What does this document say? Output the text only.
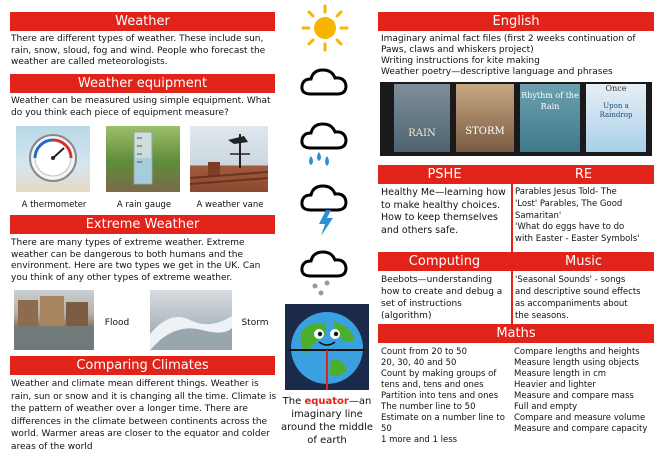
Weather
There are different types of weather. These include sun, rain, snow, sloud, fog and wind. People who forecast the weather are called meteorologists.
Weather equipment
Weather can be measured using simple equipment. What do you think each piece of equipment measure?
A thermometer	A rain gauge	A weather vane
Extreme Weather
There are many types of extreme weather. Extreme weather can be dangerous to both humans and the environment. Here are two types we get in the UK. Can you think of any other types of extreme weather.
Flood	Storm
Comparing Climates
Weather and climate mean different things. Weather is rain, sun or snow and it is changing all the time. Climate is the pattern of weather over a longer time. There are differences in the climate between continents across the world. Warmer areas are closer to the equator and colder areas of the world
The equator—an
imaginary line
around the middle
of earth
English
Imaginary animal fact files (first 2 weeks continuation of
Paws, claws and whiskers project)
Writing instructions for kite making
Weather poetry—descriptive language and phrases
RAIN	STORM
Rhythm of the Rain
Once
Upon a Raindrop
PSHE	RE
Healthy Me—learning how
to make healthy choices.
How to keep themselves
and others safe.
Parables Jesus Told- The
'Lost' Parables, The Good
Samaritan'
'What do eggs have to do
with Easter - Easter Symbols'
Computing	Music
Beebots—understanding
how to create and debug a
set of instructions
(algorithm)
'Seasonal Sounds' - songs
and descriptive sound effects
as accompaniments about
the seasons.
Maths
Count from 20 to 50
20, 30, 40 and 50
Count by making groups of
tens and, tens and ones
Partition into tens and ones
The number line to 50
Estimate on a number line to
50
1 more and 1 less
Compare lengths and heights
Measure length using objects
Measure length in cm
Heavier and lighter
Measure and compare mass
Full and empty
Compare and measure volume
Measure and compare capacity
